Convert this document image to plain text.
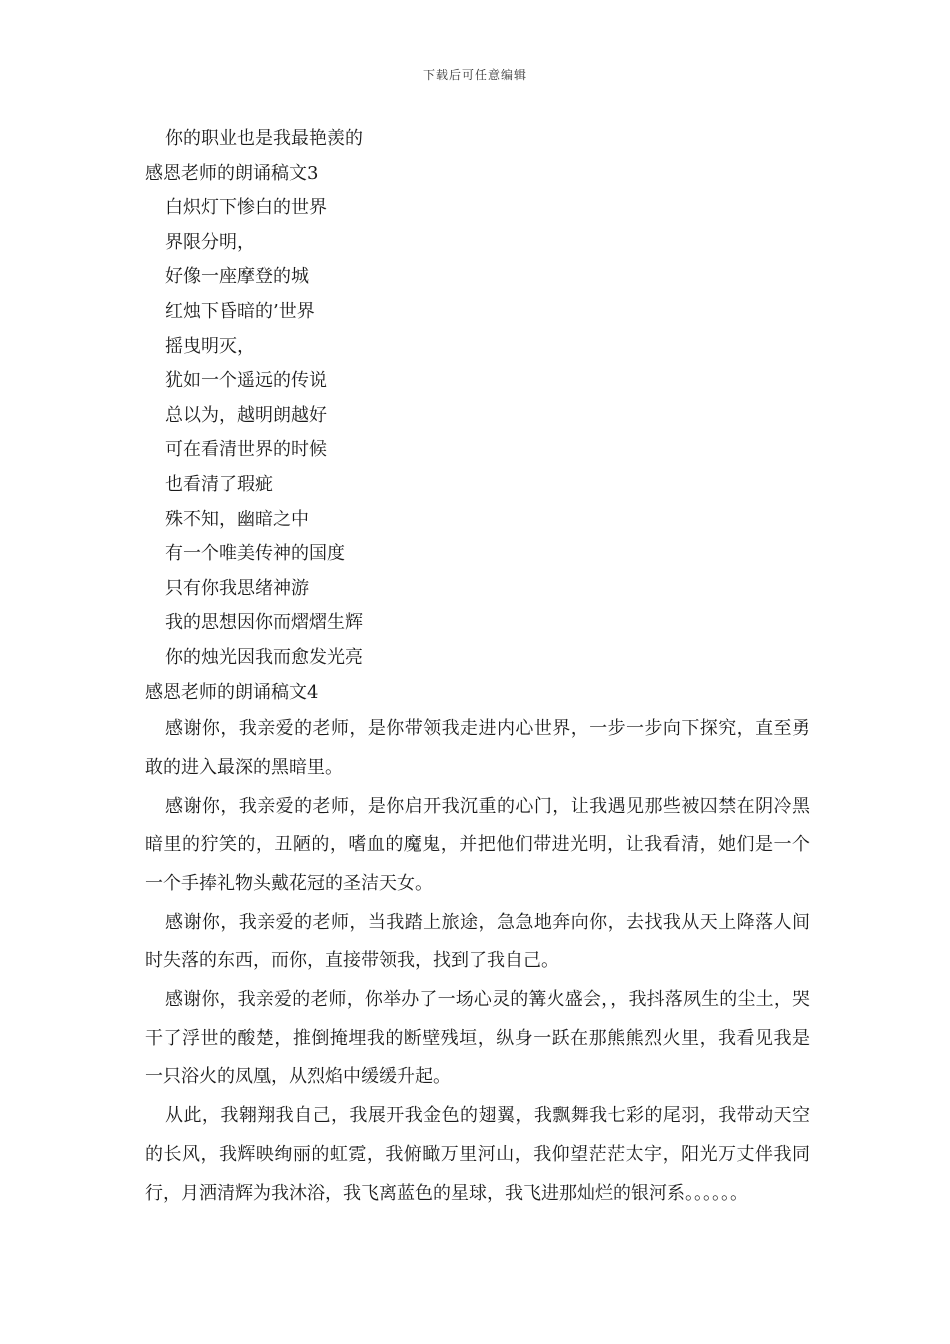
下载后可任意编辑
你的职业也是我最艳羡的
感恩老师的朗诵稿文3
白炽灯下惨白的世界
界限分明，
好像一座摩登的城
红烛下昏暗的’世界
摇曳明灭，
犹如一个遥远的传说
总以为，越明朗越好
可在看清世界的时候
也看清了瑕疵
殊不知，幽暗之中
有一个唯美传神的国度
只有你我思绪神游
我的思想因你而熠熠生辉
你的烛光因我而愈发光亮
感恩老师的朗诵稿文4
感谢你，我亲爱的老师，是你带领我走进内心世界，一步一步向下探究，直至勇敢的进入最深的黑暗里。
感谢你，我亲爱的老师，是你启开我沉重的心门，让我遇见那些被囚禁在阴冷黑暗里的狞笑的，丑陋的，嗜血的魔鬼，并把他们带进光明，让我看清，她们是一个一个手捧礼物头戴花冠的圣洁天女。
感谢你，我亲爱的老师，当我踏上旅途，急急地奔向你，去找我从天上降落人间时失落的东西，而你，直接带领我，找到了我自己。
感谢你，我亲爱的老师，你举办了一场心灵的篝火盛会，，我抖落夙生的尘土，哭干了浮世的酸楚，推倒掩埋我的断壁残垣，纵身一跃在那熊熊烈火里，我看见我是一只浴火的凤凰，从烈焰中缓缓升起。
从此，我翱翔我自己，我展开我金色的翅翼，我飘舞我七彩的尾羽，我带动天空的长风，我辉映绚丽的虹霓，我俯瞰万里河山，我仰望茫茫太宇，阳光万丈伴我同行，月洒清辉为我沐浴，我飞离蓝色的星球，我飞进那灿烂的银河系。。。。。。
